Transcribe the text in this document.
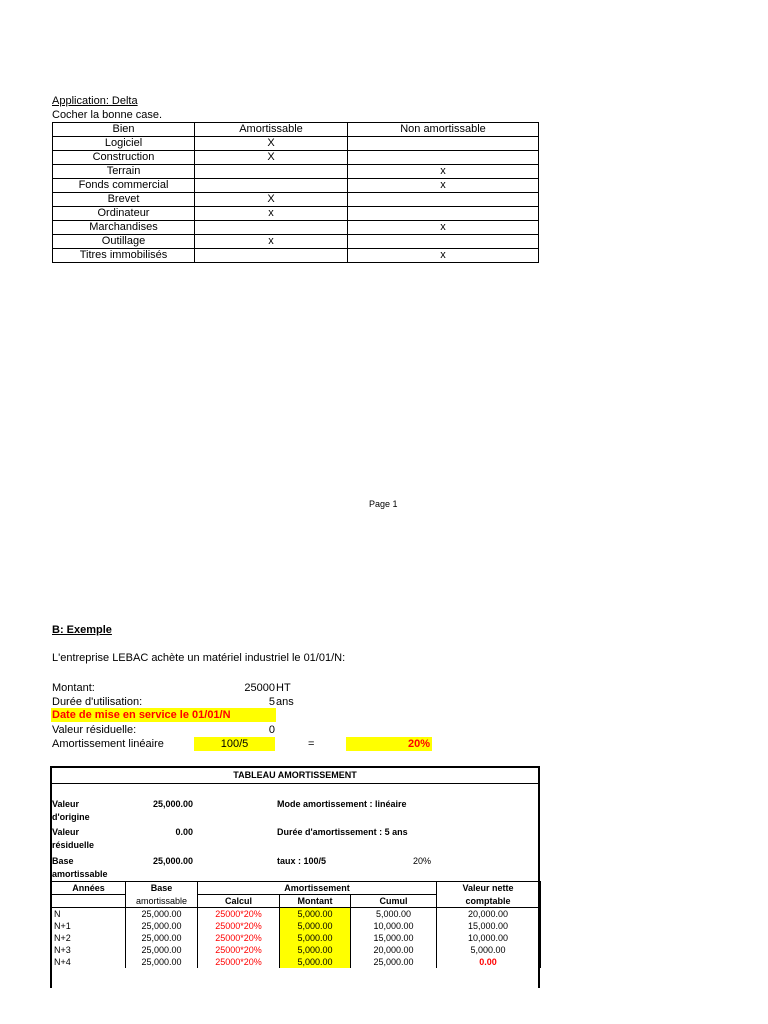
Application: Delta
Cocher la bonne case.
Bien	Amortissable	Non amortissable
Logiciel	X	
Construction	X	
Terrain		x
Fonds commercial		x
Brevet	X	
Ordinateur	x	
Marchandises		x
Outillage	x	
Titres immobilisés		x
Page 1
B: Exemple
L'entreprise LEBAC achète un matériel industriel le 01/01/N:
Montant:	25000 HT
Durée d'utilisation:	5 ans
Date de mise en service le 01/01/N
Valeur résiduelle:	0
Amortissement linéaire	100/5	=	20%
TABLEAU AMORTISSEMENT
Valeur
d'origine
25,000.00	Mode amortissement : linéaire
Valeur
résiduelle
0.00	Durée d'amortissement : 5 ans
Base
amortissable
25,000.00	taux : 100/5	20%
Années	Base	Amortissement			Valeur nette
	amortissable	Calcul	Montant	Cumul	comptable
N	25,000.00	25000*20%	5,000.00	5,000.00	20,000.00
N+1	25,000.00	25000*20%	5,000.00	10,000.00	15,000.00
N+2	25,000.00	25000*20%	5,000.00	15,000.00	10,000.00
N+3	25,000.00	25000*20%	5,000.00	20,000.00	5,000.00
N+4	25,000.00	25000*20%	5,000.00	25,000.00	0.00
